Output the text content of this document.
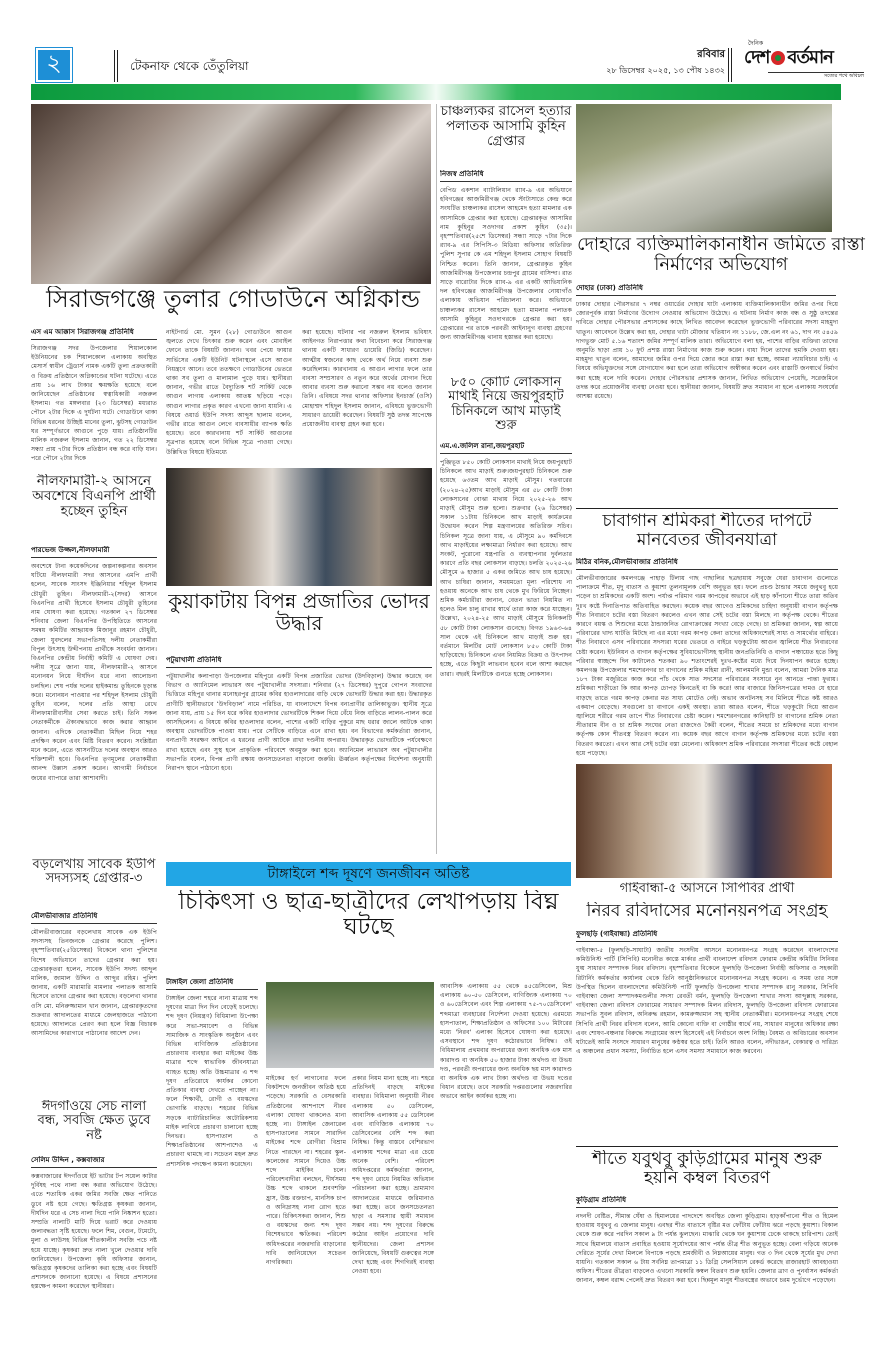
২	টেকনাফ থেকে তেঁতুলিয়া
রবিবার
২৮ ডিসেম্বর ২০২৫, ১৩ পৌষ ১৪৩২
দৈনিক
দেশ বর্তমান
সত্যের পথে অবিচল
সিরাজগঞ্জে তুলার গোডাউনে অগ্নিকান্ড
এস এম আক্কাস সিরাজগঞ্জ প্রতিনিধি
সিরাজগঞ্জ সদর উপজেলার শিয়ালকোল ইউনিয়নের চক শিয়ালকোল এলাকায় অবস্থিত মেসার্স স্বাধীন ট্রেডার্স নামক একটি তুলা প্রক্রতকারী ও বিক্রয় প্রতিষ্ঠানে অগ্নিকাণ্ডের ঘটনা ঘটেছে। এতে প্রায় ১৬ লাখ টাকার ক্ষয়ক্ষতি হয়েছে বলে জানিয়েছেন প্রতিষ্ঠানের স্বত্বাধিকারী নজরুল ইসলাম। গত মঙ্গলবার (২৩ ডিসেম্বর) মধ্যরাত পৌনে ২টার দিকে এ দুর্ঘটনা ঘটে। গোডাউনে থাকা বিভিন্ন ধরনের উচ্ছিষ্ট মানের তুলা, ঝুটসহ গোডাউন ঘর সম্পূর্ণভাবে আগুনে পুড়ে যায়। প্রতিষ্ঠানটির মালিক নজরুল ইসলাম জানান, গত ২২ ডিসেম্বর সন্ধ্যা প্রায় ৭টার দিকে প্রতিষ্ঠান বন্ধ করে বাড়ি যান। পরে পৌনে ২টার দিকে
নাইটগার্ড মো. সুমন (২৮) গোডাউনে আগুন জ্বলতে দেখে চিৎকার শুরু করেন এবং মোবাইল ফোনে তাকে বিষয়টি জানান। খবর পেয়ে ফায়ার সার্ভিসের একটি ইউনিট ঘটনাস্থলে এসে আগুন নিয়ন্ত্রণে আনে। তবে ততক্ষণে গোডাউনের ভেতরে থাকা সব তুলা ও মালামাল পুড়ে যায়। স্থানীয়রা জানান, গভীর রাতে বৈদ্যুতিক শর্ট সার্কিট থেকে আগুন লাগায় এলাকায় আতঙ্ক ছড়িয়ে পড়ে। আগুন লাগার প্রকৃত কারণ এখনো জানা যায়নি। এ বিষয়ে ওয়ার্ড ইউপি সদস্য আব্দুস ছালাম বলেন, গভীর রাতে আগুন লেগে ব্যবসায়ীর ব্যাপক ক্ষতি হয়েছে। তবে কারখানায় শর্ট সার্কিট আগুনের সূত্রপাত হয়েছে বলে বিভিন্ন সূত্রে পাওয়া গেছে। উল্লিখিত বিষয়ে ইতিমধ্যে
করা হয়েছে। ঘটনার পর নজরুল ইসলাম ভবিষ্যৎ আইনগত নিরাপত্তার কথা বিবেচনা করে সিরাজগঞ্জ থানায় একটি সাধারণ ডায়েরি (জিডি) করেছেন। আত্মীয় স্বজনের কাছ থেকে অর্থ নিয়ে ব্যবসা শুরু করেছিলাম। কারখানায় এ আগুন লাগার ফলে তার ব্যবসা সম্প্রসারণ ও নতুন করে অর্থের যোগান দিয়ে আবার ব্যবসা শুরু করানো সম্ভব নয় বলেও জানান তিনি। এবিষয়ে সদর থানার অফিসার ইনচার্জ (ওসি) মোহাম্মদ শহিদুল ইসলাম জানান, এবিষয়ে ভুক্তভোগী সাধারণ ডায়েরী করেছেন। বিষয়টি সুষ্ঠ তদন্ত সাপেক্ষে প্রয়োজনীয় ব্যবস্থা গ্রহন করা হবে।
নীলফামারী-২ আসনে অবশেষে বিএনপি প্রার্থী হচ্ছেন তুহিন
পারভেজ উজ্জল,নীলফামারী
অবশেষে টানা কয়েকদিনের জল্পনাকল্পনার অবসান ঘটিয়ে নীলফামারী সদর আসনের এমপি প্রার্থী হলেন, সাবেক সাংসদ ইঞ্জিনিয়ার শহিদুল ইসলাম চৌধুরী তুহিন। নীলফামারী-২(সদর) আসনে বিএনপির প্রার্থী হিসেবে ইসলাম চৌধুরী তুহিনের নাম ঘোষণা করা হয়েছে। গতকাল ২৭ ডিসেম্বর শনিবার জেলা বিএনপির উপস্থিতিতে আসনের সমন্বয় কমিটির আহ্বায়ক মিজানুর রহমান চৌধুরী, জেলা যুবদলের সভাপতিসহ দলীয় নেতাকর্মীরা বিপুল উৎসাহ উদ্দীপনায় প্রার্থীকে সংবর্ধনা জানান। বিএনপির কেন্দ্রীয় নির্বাহী কমিটি এ ঘোষণা দেয়। দলীয় সূত্রে জানা যায়, নীলফামারী-২ আসনে মনোনয়ন নিয়ে দীর্ঘদিন ধরে নানা আলোচনা চলছিল। শেষ পর্যন্ত দলের হাইকমান্ড তুহিনকে চূড়ান্ত করে। মনোনয়ন পাওয়ার পর শহিদুল ইসলাম চৌধুরী তুহিন বলেন, দলের প্রতি আস্থা রেখে নীলফামারীবাসীর সেবা করতে চাই। তিনি সকল নেতাকর্মীকে ঐক্যবদ্ধভাবে কাজ করার আহ্বান জানান। এদিকে নেতাকর্মীরা মিছিল নিয়ে শহর প্রদক্ষিণ করেন এবং মিষ্টি বিতরণ করেন। সংশ্লিষ্টরা মনে করেন, এতে আসনটিতে দলের অবস্থান আরও শক্তিশালী হবে। বিএনপির তৃণমূলের নেতাকর্মীরা আনন্দ উল্লাস প্রকাশ করেন। আগামী নির্বাচনে জয়ের ব্যাপারে তারা আশাবাদী।
কুয়াকাটায় বিপন্ন প্রজাতির ভোদর উদ্ধার
পটুয়াখালী প্রতিনিধি
পটুয়াখালীর কলাপাড়া উপজেলার মহিপুরে একটি বিপন্ন প্রজাতির ভোদর (উদবিড়াল) উদ্ধার করেছে বন বিভাগ ও অ্যানিমেল লাভারস অব পটুয়াখালীর সদস্যরা। শনিবার (২৭ ডিসেম্বর) দুপুরে গোপন সংবাদের ভিত্তিতে মহিপুর থানার মনোহরপুর গ্রামের কবির হাওলাদারের বাড়ি থেকে ভোদরটি উদ্ধার করা হয়। উদ্ধারকৃত প্রাণীটি স্থানীয়ভাবে ‘উদবিড়াল’ নামে পরিচিত, যা বাংলাদেশে বিপন্ন বন্যপ্রাণীর তালিকাভুক্ত। স্থানীয় সূত্রে জানা যায়, প্রায় ১৫ দিন ধরে কবির হাওলাদার ভোদরটিকে শিকল দিয়ে বেঁধে নিজ বাড়িতে লালন-পালন করে আসছিলেন। এ বিষয়ে কবির হাওলাদার বলেন, পাশের একটি বাড়ির পুকুরে মাছ ধরার জালে আটকে থাকা অবস্থায় ভোদরটিকে পাওয়া যায়। পরে সেটিকে বাড়িতে এনে রাখা হয়। বন বিভাগের কর্মকর্তারা জানান, বন্যপ্রাণী সংরক্ষণ আইনে এ ধরনের প্রাণী আটকে রাখা দণ্ডনীয় অপরাধ। উদ্ধারকৃত ভোদরটিকে পর্যবেক্ষণে রাখা হয়েছে এবং সুস্থ হলে প্রাকৃতিক পরিবেশে অবমুক্ত করা হবে। অ্যানিমেল লাভারস অব পটুয়াখালীর সভাপতি বলেন, বিপন্ন প্রাণী রক্ষায় জনসচেতনতা বাড়ানো জরুরি। ঊর্ধ্বতন কর্তৃপক্ষের নির্দেশনা অনুযায়ী নিরাপদ স্থানে পাঠানো হবে।
চাঞ্চল্যকর রাসেল হত্যার পলাতক আসামি কুহিন গ্রেপ্তার
নিজস্ব প্রতিনিধি
বেপিড একশান ব্যাটালিয়ান র‍্যাব-৯ এর অভিযানে হবিগঞ্জের আজমিরীগঞ্জ থেকে স্টাটাসাতে কেন্দ্র করে সংঘটিত চাঞ্চল্যকর রাসেল আহমেদ হত্যা মামলার এক আসামিকে গ্রেপ্তার করা হয়েছে। গ্রেপ্তারকৃত আসামির নাম কুহিনুর সওদাগর প্রকাশ কুহিন (৩৫)। বৃহস্পতিবার(২৫শে ডিসেম্বর) সন্ধ্যা সাড়ে ৭টার দিকে র‍্যাব-৯ এর সিপিসি-৩ মিডিয়া অফিসার অতিরিক্ত পুলিশ সুপার কে এম শহিদুল ইসলাম সোহাগ বিষয়টি নিশ্চিত করেন। তিনি জানান, গ্রেপ্তারকৃত কুহিন আজমিরীগঞ্জ উপজেলার চন্দ্রপুর গ্রামের বাসিন্দা। রাত সাড়ে বারোটার দিকে র‍্যাব-৯ এর একটি আভিযানিক দল হবিগঞ্জের আজমিরীগঞ্জ উপজেলার নোয়াগাঁও এলাকায় অভিযান পরিচালনা করে। অভিযানে চাঞ্চল্যকর রাসেল আহমেদ হত্যা মামলার পলাতক আসামি কুহিনুর সওদাগরকে গ্রেপ্তার করা হয়। গ্রেপ্তারের পর তাকে পরবর্তী আইনানুগ ব্যবস্থা গ্রহণের জন্য আজমিরীগঞ্জ থানায় হস্তান্তর করা হয়েছে।
৮৫০ কোটি লোকসান মাথাই নিয়ে জয়পুরহাট চিনিকলে আখ মাড়াই শুরু
এম.এ.জলিল রানা,জয়পুরহাট
পুঞ্জিভূত ৮৫০ কোটি লোকসান মাথাই নিয়ে জয়পুরহাট চিনিকলে আখ মাড়াই শুরু।জয়পুরহাট চিনিকলে শুরু হয়েছে ৬৩তম আখ মাড়াই মৌসুম। গতবারের (২০২৪-২৫)আখ মাড়াই মৌসুম এর ৫৮ কোটি টাকা লোকসানের বোঝা মাথায় নিয়ে ২০২৫-২৬ আখ মাড়াই মৌসুম শুরু হলো। শুক্রবার (২৬ ডিসেম্বর) সকাল ১১টায় চিনিকলে আখ মাড়াই কার্যক্রমের উদ্বোধন করেন শিল্প মন্ত্রণালয়ের অতিরিক্ত সচিব। চিনিকল সূত্রে জানা যায়, এ মৌসুমে ৯০ কর্মদিবসে আখ মাড়াইয়ের লক্ষ্যমাত্রা নির্ধারণ করা হয়েছে। আখ সংকট, পুরোনো যন্ত্রপাতি ও ব্যবস্থাপনার দুর্বলতার কারণে প্রতি বছর লোকসান বাড়ছে। চলতি ২০২৫-২৬ মৌসুমে ৬ হাজার ৫ একর জমিতে আখ চাষ হয়েছে। আখ চাষিরা জানান, সময়মতো মূল্য পরিশোধ না হওয়ায় অনেকে আখ চাষ থেকে মুখ ফিরিয়ে নিচ্ছেন। শ্রমিক কর্মচারীরা জানান, বেতন ভাতা নিয়মিত না হলেও মিল চালু রাখার স্বার্থে তারা কাজ করে যাচ্ছেন। উল্লেখ্য, ২০২৪-২৫ আখ মাড়াই মৌসুমে চিনিকলটি ৫৮ কোটি টাকা লোকসান গুনেছে। বিগত ১৯৬৩-৬৪ সাল থেকে এই চিনিকলে আখ মাড়াই শুরু হয়। বর্তমানে মিলটির মোট লোকসান ৮৫০ কোটি টাকা ছাড়িয়েছে। চিনিকলে এখন নিয়মিত বিক্রয় ও উৎপাদন হচ্ছে, এতে কিছুটা লাভবান হবেন বলে আশা করছেন তারা। বছরই মিলটিকে গুনতে হচ্ছে লোকসান।
দোহারে ব্যক্তিমালিকানাধীন জমিতে রাস্তা নির্মাণের অভিযোগ
দোহার (ঢাকা) প্রতিনিধি
ঢাকার দোহার পৌরসভার ৭ নম্বর ওয়ার্ডের দোহার ঘাটা এলাকায় ব্যক্তিমালিকানাধীন জমির ওপর দিয়ে জোরপূর্বক রাস্তা নির্মাণের উদ্যোগ নেওয়ার অভিযোগ উঠেছে। এ ঘটনায় নির্মাণ কাজ বন্ধ ও সুষ্ঠু তদন্তের দাবিতে দোহার পৌরসভার প্রশাসকের কাছে লিখিত আবেদন করেছেন ভুক্তভোগী পরিবারের সদস্য মাহমুদা খাতুন। আবেদনে উল্লেখ করা হয়, দোহার খাটা মৌজার খতিয়ান নং ১১৮৮, জে.এল নং ৬১, দাগ নং ৫৪৫৯ দাগভুক্ত মোট ৫.১৬ শতাংশ জমির সম্পূর্ণ মালিক তারা। অভিযোগে বলা হয়, পাশের বাড়ির ব্যক্তিরা তাদের অনুমতি ছাড়া প্রায় ১০ ফুট প্রশস্ত রাস্তা নির্মাণের কাজ শুরু করেন। বাধা দিলে তাদের হুমকি দেওয়া হয়। মাহমুদা খাতুন বলেন, আমাদের জমির ওপর দিয়ে জোর করে রাস্তা করা হচ্ছে, আমরা ন্যায়বিচার চাই। এ বিষয়ে অভিযুক্তদের সঙ্গে যোগাযোগ করা হলে তারা অভিযোগ অস্বীকার করেন এবং রাস্তাটি জনস্বার্থে নির্মাণ করা হচ্ছে বলে দাবি করেন। দোহার পৌরসভার প্রশাসক জানান, লিখিত অভিযোগ পেয়েছি, সরেজমিনে তদন্ত করে প্রয়োজনীয় ব্যবস্থা নেওয়া হবে। স্থানীয়রা জানান, বিষয়টি দ্রুত সমাধান না হলে এলাকায় সংঘর্ষের আশঙ্কা রয়েছে।
চাবাগান শ্রমিকরা শীতের দাপটে মানবেতর জীবনযাত্রা
মিঠির বনিক,মৌলভীবাজার প্রতিনিধি
মৌলভীবাজারের কমলগঞ্জে পাহাড় টিলায় গাছ গাছালির ছত্রছায়ায় সবুজে ঘেরা চাবাগান গুলোতে পালাক্রমে শীত, মৃদু বাতাস ও কুয়াশা তুলনামূলক বেশি অনুভূত হয়। ফলে প্রচণ্ড ঠান্ডার সময়ে জবুথবু হয়ে পড়েন চা শ্রমিকদের একটি অংশ। পর্যাপ্ত পরিমাণ গরম কাপড়ের অভাবে এই হাড় কাঁপানো শীতে তারা অতিব দুঃখ কষ্টে দিনাতিপাত অতিবাহিত করছেন। কয়েক বছর আগেও শ্রমিকদের চাহিদা অনুযায়ী বাগান কর্তৃপক্ষ শীত নিবারণে চটের বস্তা বিতরণ করলেও এখন আর সেই চটের বস্তা মিলছে না কর্তৃপক্ষ থেকে। শীতের কারণে বয়স্ক ও শিশুদের মধ্যে ঠান্ডাজনিত রোগাক্রান্তের সংখ্যা বেড়ে গেছে। চা শ্রমিকরা জানান, স্বল্প আয়ে পরিবারের খাদ্য ঘাটতি মিটছে না এর মধ্যে গরম কাপড় কেনা তাদের অধিকাংশেরই সাধ্য ও সামর্থ্যের বাহিরে। শীত নিবারণে এসব পরিবারের সদস্যরা ঘরের ভেতরে ও বাইরে খড়কুটোয় আগুন জ্বালিয়ে শীত নিবারণের চেষ্টা করেন। ইউনিয়ন ও বাগান কর্তৃপক্ষের সুবিধাভোগীসহ স্থানীয় জনপ্রতিনিধি ও বাগান পঞ্চায়েত হতে কিছু পরিবার স্বাচ্ছন্দে দিন কাটালেও শতকরা ৯০ শতাংশেরই দুঃখ-কষ্টের মধ্যে দিয়ে দিনযাপন করতে হচ্ছে। কমলগঞ্জ উপজেলার শমশেরনগর চা বাগানের শ্রমিক মহিমা রানী, আলমমনি মুন্ডা বলেন, আমরা দৈনিক মাত্র ১৮৭ টাকা মজুরিতে কাজ করে পাঁচ থেকে সাত সদস্যের পরিবারের সংসারে নুন আনতে পান্তা ফুরায়। শ্রমিকরা শাড়ীতো কি আর কাপড় চোপড় কিনতেই বা কি করে! আর বাজারে জিনিসপত্রের দামও যে হারে বাড়ছে তাতে গরম কাপড় কেনার মত সাধ্য মোটেও নেই। অভাব অনটনসহ সব মিলিয়ে শীতে কষ্ট আরও একধাপ বেড়েছে। সবগুলো চা বাগানে একই অবস্থা। তারা আরও বলেন, শীতে খড়কুটো দিয়ে আগুন জ্বালিয়ে শরীরে গরম তাপে শীত নিবারণের চেষ্টা করেন। শমশেরনগরের কানিহাটি চা বাগানের শ্রমিক নেতা সীতারাম বীন ও চা শ্রমিক সংঘের নেতা রাজদেও কৈরী বলেন, শীতের সময়ে চা শ্রমিকদের মধ্যে বাগান কর্তৃপক্ষ কোন শীতবস্ত্র বিতরণ করেন না। কয়েক বছর আগে বাগান কর্তৃপক্ষ শ্রমিকদের মধ্যে চটের বস্তা বিতরণ করতো। এখন আর সেই চটের বস্তা মেলেনা। অধিকাংশ শ্রমিক পরিবারের সদস্যরা শীতের কষ্টে বেহাল হয়ে পড়েছে।
গাইবান্ধা-৫ আসনে সিপিবির প্রার্থী
নিরব রবিদাসের মনোনয়নপত্র সংগ্রহ
ফুলছড়ি (গাইবান্ধা) প্রতিনিধি
গাইবান্ধা-৫ (ফুলছড়ি-সাঘাটা) জাতীয় সংসদীয় আসনে মনোনয়নপত্র সংগ্রহ করেছেন বাংলাদেশের কমিউনিস্ট পার্টি (সিপিবি) মনোনীত কাস্তে মার্কার প্রার্থী বাংলাদেশ রবিদাস ফোরাম কেন্দ্রীয় কমিটির সিনিয়র যুগ্ম সাধারণ সম্পাদক নিরব রবিদাস। বৃহস্পতিবার বিকেলে ফুলছড়ি উপজেলা নির্বাহী অফিসার ও সহকারী রিটার্নিং কর্মকর্তার কার্যালয় থেকে তিনি আনুষ্ঠানিকভাবে মনোনয়নপত্র সংগ্রহ করেন। এ সময় তার সঙ্গে উপস্থিত ছিলেন বাংলাদেশের কমিউনিস্ট পার্টি ফুলছড়ি উপজেলা শাখার সম্পাদক রানু সরকার, সিপিবি গাইবান্ধা জেলা সম্পাদকমণ্ডলীর সদস্য রেবতী বর্মন, ফুলছড়ি উপজেলা শাখার সদস্য আব্দুল্লাহ সরকার, গাইবান্ধা জেলা রবিদাস ফোরামের সাধারণ সম্পাদক মিলন রবিদাস, ফুলছড়ি উপজেলা রবিদাস ফোরামের সভাপতি সুবল রবিদাস, অনিরুদ্ধ রহমান, কামরুজ্জামান সহ স্থানীয় নেতাকর্মীরা। মনোনয়নপত্র সংগ্রহ শেষে সিপিবি প্রার্থী নিরব রবিদাস বলেন, আমি কোনো ব্যক্তি বা গোষ্ঠীর স্বার্থে নয়, সাধারণ মানুষের অধিকার রক্ষা এবং শোষণ-বঞ্চনার বিরুদ্ধে সংগ্রামের অংশ হিসেবেই এই নির্বাচনে অংশ নিচ্ছি। বৈষম্য ও অবিচারের অবসান ঘটাতেই আমি সংসদে সাধারণ মানুষের কণ্ঠস্বর হতে চাই। তিনি আরও বলেন, নদীভাঙন, বেকারত্ব ও দারিদ্র্য এ অঞ্চলের প্রধান সমস্যা, নির্বাচিত হলে এসব সমস্যা সমাধানে কাজ করবেন।
শীতে যবুথবু কুড়িগ্রামের মানুষ শুরু হয়নি কম্বল বিতরণ
কুড়িগ্রাম প্রতিনিধি
নদনদী বেষ্টিত, সীমান্ত ঘেঁষা ও হিমালয়ের পাদদেশে অবস্থিত জেলা কুড়িগ্রাম। হাড়কাঁপানো শীত ও হিমেল হাওয়ায় যবুথবু এ জেলার মানুষ। এবছর শীত বাতাসে বৃষ্টির মত ফোঁটায় ফোঁটায় ঝরে পড়ছে কুয়াশা। বিকাল থেকে শুরু করে পরদিন সকাল ৯ টা পর্যন্ত ঝুলছেন। মাঝারি থেকে ঘন কুয়াশায় ঢেকে থাকছে চারিপাশ। তোই সাথে হিমালয়ে বাতাস প্রবাহিত হওয়ায় সূর্যোদয়ের আগ পর্যন্ত তীব্র শীত অনুভূত হচ্ছে। বেলা গড়িয়ে অনেক দেরিতে সূর্যের দেখা মিললে বিপাকে পড়ছে শ্রমজীবী ও নিম্নআয়ের মানুষ। গত ৩ দিন থেকে সূর্যের মুখ দেখা যায়নি। গতকাল সকাল ৬ টায় সর্বনিম্ন তাপমাত্রা ১১ ডিগ্রি সেলসিয়াস রেকর্ড করেছে রাজারহাট আবহাওয়া অফিস। শীতের তীব্রতা বাড়লেও এখনো সরকারি কম্বল বিতরণ শুরু হয়নি। জেলার ত্রাণ ও পুনর্বাসন কর্মকর্তা জানান, কম্বল বরাদ্দ পেলেই দ্রুত বিতরণ করা হবে। ছিন্নমূল মানুষ শীতবস্ত্রের অভাবে চরম দুর্ভোগে পড়েছেন।
বড়লেখায় সাবেক ইউপি সদস্যসহ গ্রেপ্তার-৩
মৌলভীবাজার প্রতিনিধি
মৌলভীবাজারের বড়লেখায় সাবেক এক ইউপি সদস্যসহ তিনজনকে গ্রেপ্তার করেছে পুলিশ। বৃহস্পতিবার(২৫ডিসেম্বর) বিকেলে থানা পুলিশের বিশেষ অভিযানে তাদের গ্রেপ্তার করা হয়। গ্রেপ্তারকৃতরা হলেন, সাবেক ইউপি সদস্য আব্দুল মালিক, জামাল উদ্দিন ও আব্দুর রহিম। পুলিশ জানায়, একটি মারামারি মামলার পলাতক আসামি হিসেবে তাদের গ্রেপ্তার করা হয়েছে। বড়লেখা থানার ওসি মো. মনিরুজ্জামান খান জানান, গ্রেপ্তারকৃতদের শুক্রবার আদালতের মাধ্যমে জেলহাজতে পাঠানো হয়েছে। আদালতে প্রেরণ করা হলে বিজ্ঞ বিচারক আসামিদের কারাগারে পাঠানোর আদেশ দেন।
ঈদগাঁওয়ে সেচ নালা বন্ধ, সবজি ক্ষেত ডুবে নষ্ট
সেলিম উদ্দিন , কক্সবাজার
কক্সবাজারের ঈদগাঁওয়ে ইট ভাটার টপ সয়েল কাটার দুর্বিষহ পথে নালা বন্ধ করার অভিযোগ উঠেছে। এতে শতাধিক একর জমির সবজি ক্ষেত পানিতে ডুবে নষ্ট হয়ে গেছে। ক্ষতিগ্রস্ত কৃষকরা জানান, দীর্ঘদিন ধরে এ সেচ নালা দিয়ে পানি নিষ্কাশন হতো। সম্প্রতি নালাটি মাটি দিয়ে ভরাট করে দেওয়ায় জলাবদ্ধতা সৃষ্টি হয়েছে। ফলে শিম, বেগুন, টমেটো, মুলা ও লাউসহ বিভিন্ন শীতকালীন সবজি পচে নষ্ট হয়ে যাচ্ছে। কৃষকরা দ্রুত নালা খুলে দেওয়ার দাবি জানিয়েছেন। উপজেলা কৃষি অফিসার জানান, ক্ষতিগ্রস্ত কৃষকদের তালিকা করা হচ্ছে এবং বিষয়টি প্রশাসনকে জানানো হয়েছে। এ বিষয়ে প্রশাসনের হস্তক্ষেপ কামনা করেছেন স্থানীয়রা।
টাঙ্গাইলে শব্দ দূষণে জনজীবন অতিষ্ট
চিকিৎসা ও ছাত্র-ছাত্রীদের লেখাপড়ায় বিঘ্ন ঘটছে
টাঙ্গাইল জেলা প্রতিনিধি
টাঙ্গাইল জেলা শহরে নানা মাত্রায় শব্দ দূষণের মাত্রা দিন দিন বেড়েই চলেছে। শব্দ দূষণ (নিয়ন্ত্রণ) বিধিমালা উপেক্ষা করে সভা-সমাবেশ ও বিভিন্ন সামাজিক ও সাংস্কৃতিক অনুষ্ঠান এবং বিভিন্ন বাণিজ্যিক প্রতিষ্ঠানের প্রচারণায় ব্যবহার করা মাইকের উচ্চ মাত্রার শব্দে স্বাভাবিক জীবনযাত্রা ব্যাহত হচ্ছে। অতি উচ্চমাত্রার এ শব্দ দূষণ প্রতিরোধে কার্যকর কোনো প্রতিকার ব্যবস্থা দেখতে পাচ্ছেন না। ফলে শিক্ষার্থী, রোগী ও বয়স্কদের ভোগান্তি বাড়ছে। শহরের বিভিন্ন সড়কে ব্যাটারিচালিত অটোরিকশায় মাইক লাগিয়ে প্রচারণা চালানো হচ্ছে দিনভর। হাসপাতাল ও শিক্ষাপ্রতিষ্ঠানের আশপাশেও এ প্রচারণা থামছে না। সচেতন মহল দ্রুত প্রশাসনিক পদক্ষেপ কামনা করেছেন।
মাইকের হর্ণ লাগানোর ফলে বিকটশব্দে জনজীবন অতিষ্ঠ হয়ে পড়েছে। সরকারি ও বেসরকারি প্রতিষ্ঠানের আশপাশে নীরব এলাকা ঘোষণা থাকলেও মানা হচ্ছে না। টাঙ্গাইল জেনারেল হাসপাতালের সামনে সারাদিন মাইকের শব্দে রোগীরা বিশ্রাম নিতে পারছেন না। শহরের স্কুল-কলেজের সামনে দিয়েও উচ্চ শব্দে মাইকিং চলে। পরিবেশবাদীরা বলছেন, দীর্ঘসময় উচ্চ শব্দে থাকলে শ্রবণশক্তি হ্রাস, উচ্চ রক্তচাপ, মানসিক চাপ ও অনিদ্রাসহ নানা রোগ হতে পারে। চিকিৎসকরা জানান, শিশু ও বয়স্কদের জন্য শব্দ দূষণ বিশেষভাবে ক্ষতিকর। পরিবেশ অধিদপ্তরের নজরদারি বাড়ানোর দাবি জানিয়েছেন সচেতন নাগরিকরা।
প্রকার নিয়ম মানা হচ্ছে না। শহরে প্রতিদিনই বাড়ছে মাইকের ব্যবহার। বিধিমালা অনুযায়ী নীরব এলাকায় ৫০ ডেসিবেল, আবাসিক এলাকায় ৫৫ ডেসিবেল এবং বাণিজ্যিক এলাকায় ৭০ ডেসিবেলের বেশি শব্দ করা নিষিদ্ধ। কিন্তু বাস্তবে বেশিরভাগ এলাকায় শব্দের মাত্রা এর চেয়ে অনেক বেশি। পরিবেশ অধিদপ্তরের কর্মকর্তারা জানান, শব্দ দূষণ রোধে নিয়মিত অভিযান পরিচালনা করা হচ্ছে। ভ্রাম্যমাণ আদালতের মাধ্যমে জরিমানাও করা হচ্ছে। তবে জনসচেতনতা ছাড়া এ সমস্যার স্থায়ী সমাধান সম্ভব নয়। শব্দ দূষণের বিরুদ্ধে কঠোর আইন প্রয়োগের দাবি স্থানীয়দের। জেলা প্রশাসন জানিয়েছে, বিষয়টি গুরুত্বের সঙ্গে দেখা হচ্ছে এবং শিগগিরই ব্যবস্থা নেওয়া হবে।
আবাসিক এলাকায় ৫৫ থেকে ৪৫ডেসিবেল, মিশ্র এলাকায় ৬০-৫০ ডেসিবেল, বাণিজ্যিক এলাকায় ৭০ ও ৬০ডেসিবেল এবং শিল্প এলাকায় ৭৫-৭০ডেসিবেল' শব্দমাত্রা ব্যবহারের নির্দেশনা দেওয়া হয়েছে। এরমধ্যে হাসপাতাল, শিক্ষাপ্রতিষ্ঠান ও অফিসের ১০০ মিটারের মধ্যে 'নিরব' এলাকা হিসেবে ঘোষণা করা হয়েছে। এসবস্থানে শব্দ দূষণ কঠোরভাবে নিষিদ্ধ। ওই বিধিমালায় প্রথমবার অপরাধের জন্য অনধিক এক মাস কারাদণ্ড বা অনধিক ৫০ হাজার টাকা অর্থদণ্ড বা উভয় দণ্ড, পরবর্তী অপরাধের জন্য অনধিক ছয় মাস কারাদণ্ড বা অনধিক এক লাখ টাকা অর্থদণ্ড বা উভয় দণ্ডের বিধান রয়েছে। তবে সরকারি দপ্তরগুলোর নজরদারির অভাবে আইন কার্যকর হচ্ছে না।
